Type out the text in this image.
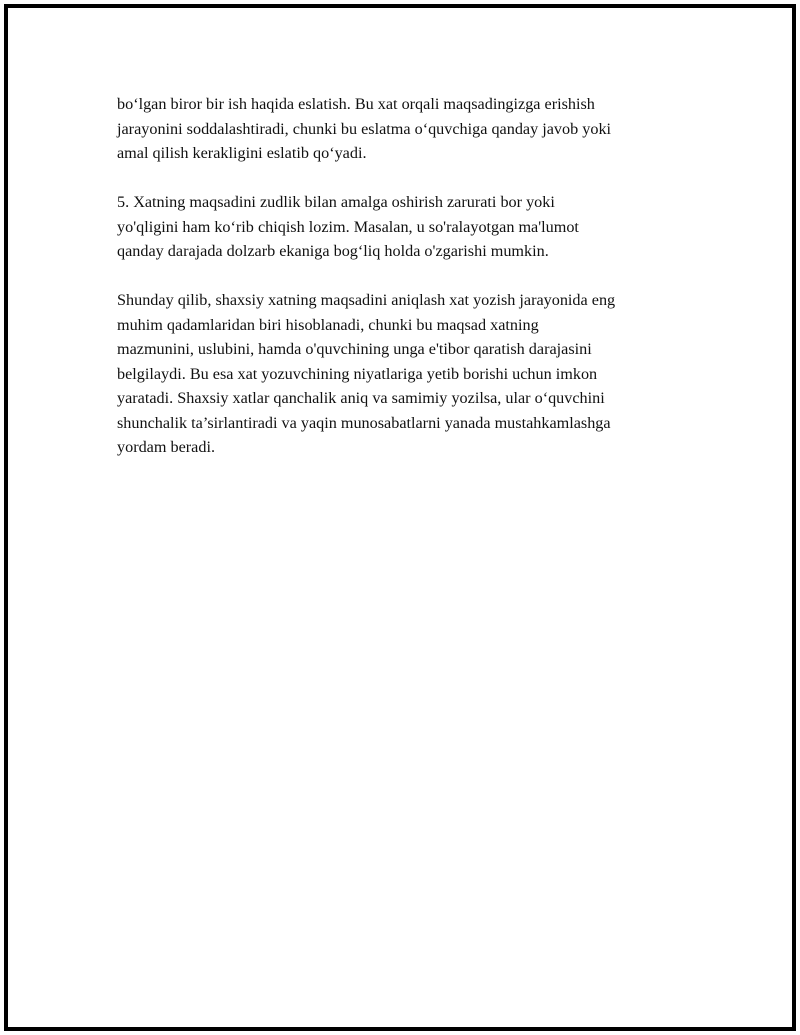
bo‘lgan biror bir ish haqida eslatish. Bu xat orqali maqsadingizga erishish
jarayonini soddalashtiradi, chunki bu eslatma o‘quvchiga qanday javob yoki
amal qilish kerakligini eslatib qo‘yadi.

5. Xatning maqsadini zudlik bilan amalga oshirish zarurati bor yoki
yo'qligini ham ko‘rib chiqish lozim. Masalan, u so'ralayotgan ma'lumot
qanday darajada dolzarb ekaniga bog‘liq holda o'zgarishi mumkin.

Shunday qilib, shaxsiy xatning maqsadini aniqlash xat yozish jarayonida eng
muhim qadamlaridan biri hisoblanadi, chunki bu maqsad xatning
mazmunini, uslubini, hamda o'quvchining unga e'tibor qaratish darajasini
belgilaydi. Bu esa xat yozuvchining niyatlariga yetib borishi uchun imkon
yaratadi. Shaxsiy xatlar qanchalik aniq va samimiy yozilsa, ular o‘quvchini
shunchalik ta’sirlantiradi va yaqin munosabatlarni yanada mustahkamlashga
yordam beradi.
